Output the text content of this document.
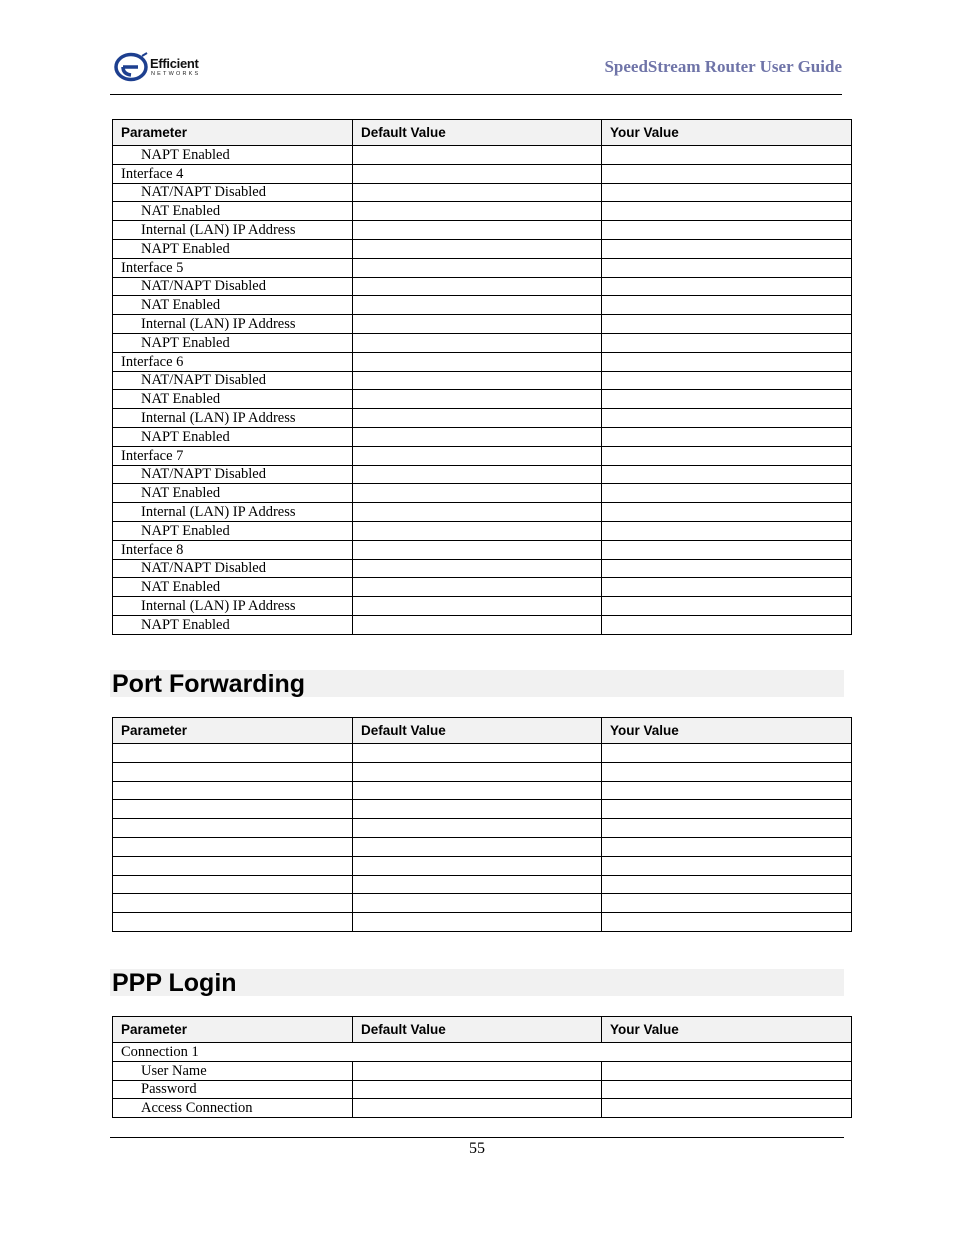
Efficient
NETWORKS	SpeedStream Router User Guide
Parameter	Default Value	Your Value
NAPT Enabled		
Interface 4		
NAT/NAPT Disabled		
NAT Enabled		
Internal (LAN) IP Address		
NAPT Enabled		
Interface 5		
NAT/NAPT Disabled		
NAT Enabled		
Internal (LAN) IP Address		
NAPT Enabled		
Interface 6		
NAT/NAPT Disabled		
NAT Enabled		
Internal (LAN) IP Address		
NAPT Enabled		
Interface 7		
NAT/NAPT Disabled		
NAT Enabled		
Internal (LAN) IP Address		
NAPT Enabled		
Interface 8		
NAT/NAPT Disabled		
NAT Enabled		
Internal (LAN) IP Address		
NAPT Enabled		
Port Forwarding
Parameter	Default Value	Your Value

PPP Login
Parameter	Default Value	Your Value
Connection 1		
User Name		
Password		
Access Connection		
55
